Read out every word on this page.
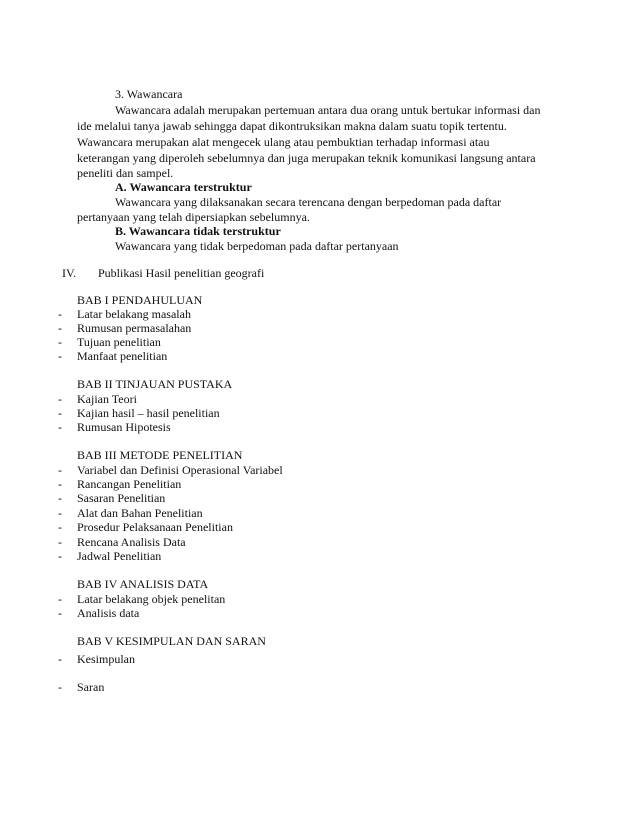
3. Wawancara
Wawancara adalah merupakan pertemuan antara dua orang untuk bertukar informasi dan
ide melalui tanya jawab sehingga dapat dikontruksikan makna dalam suatu topik tertentu.
Wawancara merupakan alat mengecek ulang atau pembuktian terhadap informasi atau
keterangan yang diperoleh sebelumnya dan juga merupakan teknik komunikasi langsung antara
peneliti dan sampel.
A. Wawancara terstruktur
Wawancara yang dilaksanakan secara terencana dengan berpedoman pada daftar
pertanyaan yang telah dipersiapkan sebelumnya.
B. Wawancara tidak terstruktur
Wawancara yang tidak berpedoman pada daftar pertanyaan
IV. Publikasi Hasil penelitian geografi
BAB I PENDAHULUAN
- Latar belakang masalah
- Rumusan permasalahan
- Tujuan penelitian
- Manfaat penelitian
BAB II TINJAUAN PUSTAKA
- Kajian Teori
- Kajian hasil – hasil penelitian
- Rumusan Hipotesis
BAB III METODE PENELITIAN
- Variabel dan Definisi Operasional Variabel
- Rancangan Penelitian
- Sasaran Penelitian
- Alat dan Bahan Penelitian
- Prosedur Pelaksanaan Penelitian
- Rencana Analisis Data
- Jadwal Penelitian
BAB IV ANALISIS DATA
- Latar belakang objek penelitan
- Analisis data
BAB V KESIMPULAN DAN SARAN
- Kesimpulan
- Saran
